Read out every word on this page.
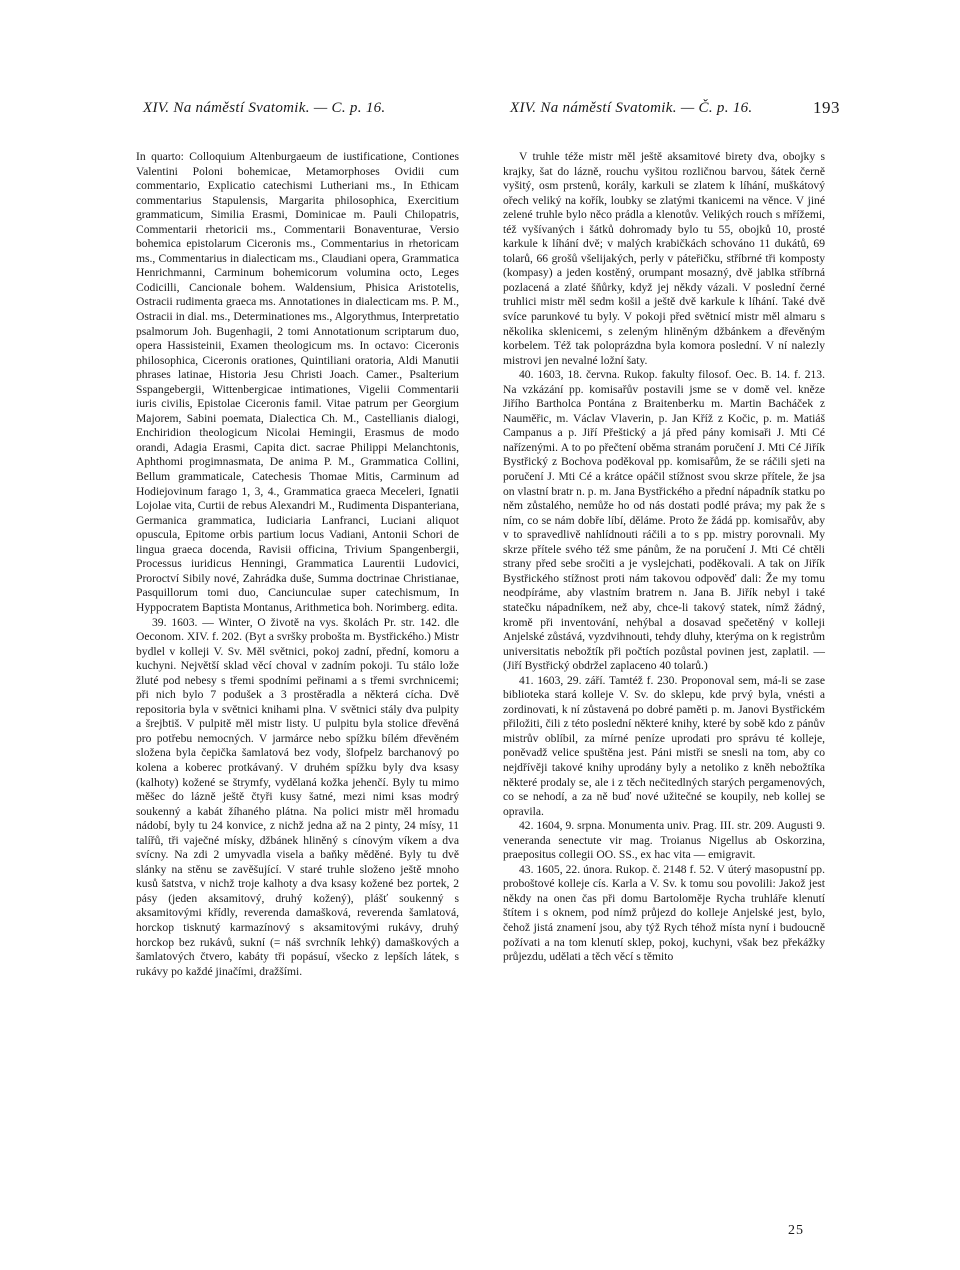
XIV. Na náměstí Svatomik. — C. p. 16.	XIV. Na náměstí Svatomik. — Č. p. 16.	193

In quarto: Colloquium Altenburgaeum de iustificatione, Contiones Valentini Poloni bohemicae, Metamorphoses Ovidii cum commentario, Explicatio catechismi Lutheriani ms., In Ethicam commentarius Stapulensis, Margarita philosophica, Exercitium grammaticum, Similia Erasmi, Dominicae m. Pauli Chilopatris, Commentarii rhetoricii ms., Commentarii Bonaventurae, Versio bohemica epistolarum Ciceronis ms., Commentarius in rhetoricam ms., Commentarius in dialecticam ms., Claudiani opera, Grammatica Henrichmanni, Carminum bohemicorum volumina octo, Leges Codicilli, Cancionale bohem. Waldensium, Phisica Aristotelis, Ostracii rudimenta graeca ms. Annotationes in dialecticam ms. P. M., Ostracii in dial. ms., Determinationes ms., Algorythmus, Interpretatio psalmorum Joh. Bugenhagii, 2 tomi Annotationum scriptarum duo, opera Hassisteinii, Examen theologicum ms. In octavo: Ciceronis philosophica, Ciceronis orationes, Quintiliani oratoria, Aldi Manutii phrases latinae, Historia Jesu Christi Joach. Camer., Psalterium Sspangebergii, Wittenbergicae intimationes, Vigelii Commentarii iuris civilis, Epistolae Ciceronis famil. Vitae patrum per Georgium Majorem, Sabini poemata, Dialectica Ch. M., Castellianis dialogi, Enchiridion theologicum Nicolai Hemingii, Erasmus de modo orandi, Adagia Erasmi, Capita dict. sacrae Philippi Melanchtonis, Aphthomi progimnasmata, De anima P. M., Grammatica Collini, Bellum grammaticale, Catechesis Thomae Mitis, Carminum ad Hodiejovinum farago 1, 3, 4., Grammatica graeca Meceleri, Ignatii Lojolae vita, Curtii de rebus Alexandri M., Rudimenta Dispanteriana, Germanica grammatica, Iudiciaria Lanfranci, Luciani aliquot opuscula, Epitome orbis partium locus Vadiani, Antonii Schori de lingua graeca docenda, Ravisii officina, Trivium Spangenbergii, Processus iuridicus Henningi, Grammatica Laurentii Ludovici, Proroctví Sibily nové, Zahrádka duše, Summa doctrinae Christianae, Pasquillorum tomi duo, Canciunculae super catechismum, In Hyppocratem Baptista Montanus, Arithmetica boh. Norimberg. edita.

39. 1603. — Winter, O životě na vys. školách Pr. str. 142. dle Oeconom. XIV. f. 202. (Byt a svršky probošta m. Bystřického.) Mistr bydlel v kolleji V. Sv. Měl světnici, pokoj zadní, přední, komoru a kuchyni. Největší sklad věcí choval v zadním pokoji. Tu stálo lože žluté pod nebesy s třemi spodními peřinami a s třemi svrchnicemi; při nich bylo 7 podušek a 3 prostěradla a některá cícha. Dvě repositoria byla v světnici knihami plna. V světnici stály dva pulpity a šrejbtiš. V pulpitě měl mistr listy. U pulpitu byla stolice dřevěná pro potřebu nemocných. V jarmárce nebo spížku bílém dřevěném složena byla čepička šamlatová bez vody, šlofpelz barchanový po kolena a koberec protkávaný. V druhém spížku byly dva ksasy (kalhoty) kožené se štrymfy, vydělaná kožka jehenčí. Byly tu mimo měšec do lázně ještě čtyři kusy šatné, mezi nimi ksas modrý soukenný a kabát žíhaného plátna. Na polici mistr měl hromadu nádobí, byly tu 24 konvice, z nichž jedna až na 2 pinty, 24 mísy, 11 talířů, tři vaječné mísky, džbánek hliněný s cínovým víkem a dva svícny. Na zdi 2 umyvadla visela a baňky měděné. Byly tu dvě slánky na stěnu se zavěšující. V staré truhle složeno ještě mnoho kusů šatstva, v nichž troje kalhoty a dva ksasy kožené bez portek, 2 pásy (jeden aksamitový, druhý kožený), plášť soukenný s aksamitovými křídly, reverenda damašková, reverenda šamlatová, horckop tisknutý karmazínový s aksamitovými rukávy, druhý horckop bez rukávů, sukní (= náš svrchník lehký) damaškových a šamlatových čtvero, kabáty tři popásuí, všecko z lepších látek, s rukávy po každé jinačími, dražšími.

V truhle téže mistr měl ještě aksamitové birety dva, obojky s krajky, šat do lázně, rouchu vyšitou rozličnou barvou, šátek černě vyšitý, osm prstenů, korály, karkuli se zlatem k líhání, muškátový ořech veliký na kořík, loubky se zlatými tkanicemi na věnce. V jiné zelené truhle bylo něco prádla a klenotův. Velikých rouch s mřížemi, též vyšívaných i šátků dohromady bylo tu 55, obojků 10, prosté karkule k líhání dvě; v malých krabičkách schováno 11 dukátů, 69 tolarů, 66 grošů všelijakých, perly v páteřičku, stříbrné tři komposty (kompasy) a jeden kostěný, orumpant mosazný, dvě jablka stříbrná pozlacená a zlaté šňůrky, když jej někdy vázali. V poslední černé truhlici mistr měl sedm košil a ještě dvě karkule k líhání. Také dvě svíce parunkové tu byly. V pokoji před světnicí mistr měl almaru s několika sklenicemi, s zeleným hliněným džbánkem a dřevěným korbelem. Též tak poloprázdna byla komora poslední. V ní nalezly mistrovi jen nevalné ložní šaty.

40. 1603, 18. června. Rukop. fakulty filosof. Oec. B. 14. f. 213. Na vzkázání pp. komisařův postavili jsme se v domě vel. kněze Jiřího Bartholca Pontána z Braitenberku m. Martin Bacháček z Nauměřic, m. Václav Vlaverin, p. Jan Kříž z Kočic, p. m. Matiáš Campanus a p. Jiří Přeštický a já před pány komisaři J. Mti Cé nařízenými. A to po přečtení oběma stranám poručení J. Mti Cé Jiřík Bystřický z Bochova poděkoval pp. komisařům, že se ráčili sjeti na poručení J. Mti Cé a krátce opáčil stížnost svou skrze přítele, že jsa on vlastní bratr n. p. m. Jana Bystřického a přední nápadník statku po něm zůstalého, nemůže ho od nás dostati podlé práva; my pak že s ním, co se nám dobře líbí, děláme. Proto že žádá pp. komisařův, aby v to spravedlivě nahlídnouti ráčili a to s pp. mistry porovnali. My skrze přítele svého též sme pánům, že na poručení J. Mti Cé chtěli strany před sebe sročiti a je vyslejchati, poděkovali. A tak on Jiřík Bystřického stížnost proti nám takovou odpověď dali: Že my tomu neodpíráme, aby vlastním bratrem n. Jana B. Jiřík nebyl i také statečku nápadníkem, než aby, chce-li takový statek, nímž žádný, kromě při inventování, nehýbal a dosavad spečetěný v kolleji Anjelské zůstává, vyzdvihnouti, tehdy dluhy, kterýma on k registrům universitatis nebožtík při počtích pozůstal povinen jest, zaplatil. — (Jiří Bystřický obdržel zaplaceno 40 tolarů.)

41. 1603, 29. září. Tamtéž f. 230. Proponoval sem, má-li se zase biblioteka stará kolleje V. Sv. do sklepu, kde prvý byla, vnésti a zordinovati, k ní zůstavená po dobré paměti p. m. Janovi Bystřickém přiložiti, čili z této poslední některé knihy, které by sobě kdo z pánův mistrův oblíbil, za mírné peníze uprodati pro správu té kolleje, poněvadž velice spuštěna jest. Páni mistři se snesli na tom, aby co nejdřívěji takové knihy uprodány byly a netoliko z kněh nebožtíka některé prodaly se, ale i z těch nečitedlných starých pergamenových, co se nehodí, a za ně buď nové užitečné se koupily, neb kollej se opravila.

42. 1604, 9. srpna. Monumenta univ. Prag. III. str. 209. Augusti 9. veneranda senectute vir mag. Troianus Nigellus ab Oskorzina, praepositus collegii OO. SS., ex hac vita — emigravit.

43. 1605, 22. února. Rukop. č. 2148 f. 52. V úterý masopustní pp. proboštové kolleje cís. Karla a V. Sv. k tomu sou povolili: Jakož jest někdy na onen čas při domu Bartoloměje Rycha truhláře klenutí štítem i s oknem, pod nímž průjezd do kolleje Anjelské jest, bylo, čehož jistá znamení jsou, aby týž Rych téhož místa nyní i budoucně požívati a na tom klenutí sklep, pokoj, kuchyni, však bez překážky průjezdu, udělati a těch věcí s těmito

25
